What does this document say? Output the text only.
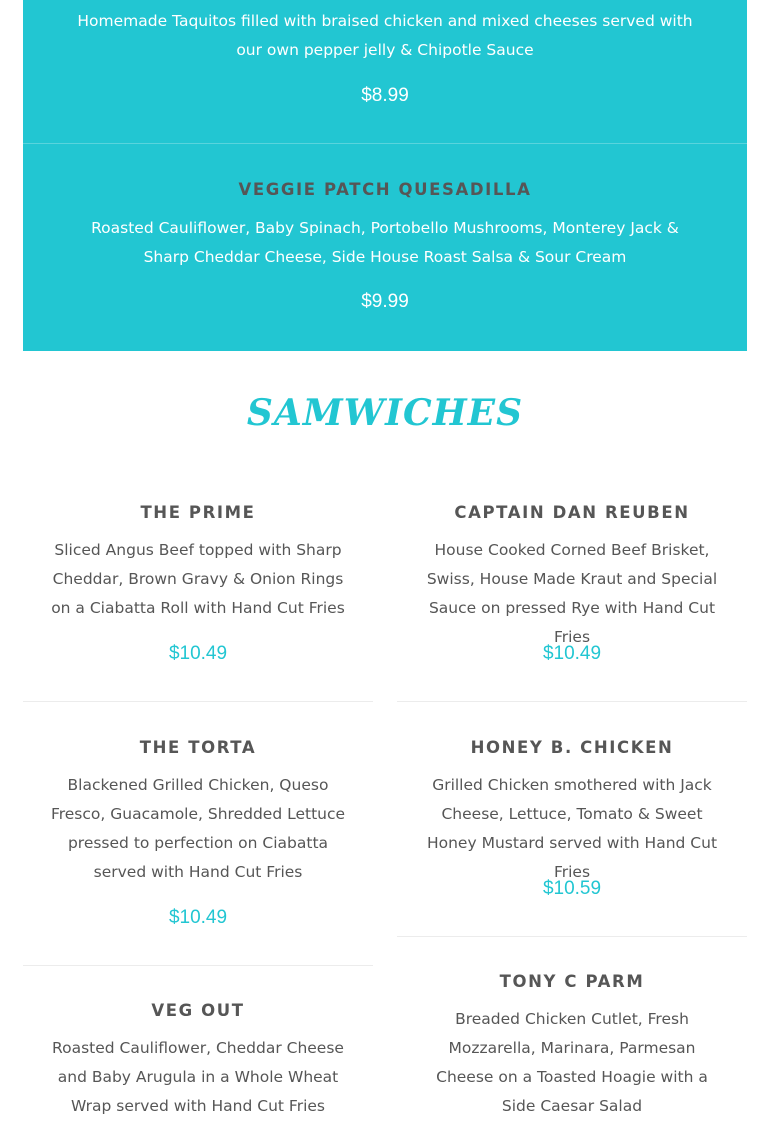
Homemade Taquitos filled with braised chicken and mixed cheeses served with our own pepper jelly & Chipotle Sauce
$8.99
VEGGIE PATCH QUESADILLA
Roasted Cauliflower, Baby Spinach, Portobello Mushrooms, Monterey Jack & Sharp Cheddar Cheese, Side House Roast Salsa & Sour Cream
$9.99
SAMWICHES
THE PRIME
Sliced Angus Beef topped with Sharp Cheddar, Brown Gravy & Onion Rings on a Ciabatta Roll with Hand Cut Fries
$10.49
CAPTAIN DAN REUBEN
House Cooked Corned Beef Brisket, Swiss, House Made Kraut and Special Sauce on pressed Rye with Hand Cut Fries
$10.49
THE TORTA
Blackened Grilled Chicken, Queso Fresco, Guacamole, Shredded Lettuce pressed to perfection on Ciabatta served with Hand Cut Fries
$10.49
HONEY B. CHICKEN
Grilled Chicken smothered with Jack Cheese, Lettuce, Tomato & Sweet Honey Mustard served with Hand Cut Fries
$10.59
VEG OUT
Roasted Cauliflower, Cheddar Cheese and Baby Arugula in a Whole Wheat Wrap served with Hand Cut Fries
TONY C PARM
Breaded Chicken Cutlet, Fresh Mozzarella, Marinara, Parmesan Cheese on a Toasted Hoagie with a Side Caesar Salad
